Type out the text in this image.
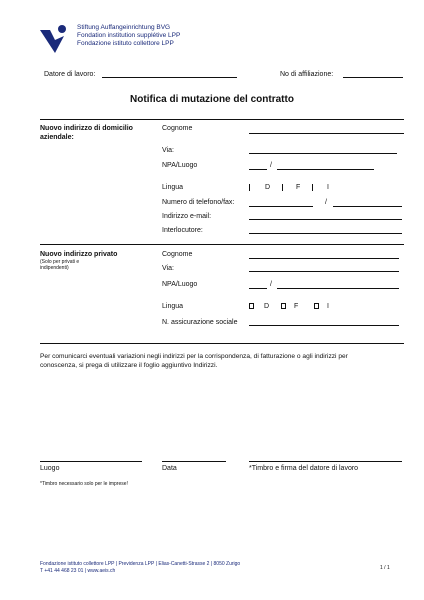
Stiftung Auffangeinrichtung BVG
Fondation institution supplétive LPP
Fondazione istituto collettore LPP
Datore di lavoro:	No di affiliazione:
Notifica di mutazione del contratto
Nuovo indirizzo di domicilio aziendale:
Cognome
Via:
NPA/Luogo	/
Lingua	D	F	I
Numero di telefono/fax:	/
Indirizzo e-mail:
Interlocutore:
Nuovo indirizzo privato
(Solo per privati e indipendenti)
Cognome
Via:
NPA/Luogo	/
Lingua	D	F	I
N. assicurazione sociale
Per comunicarci eventuali variazioni negli indirizzi per la corrispondenza, di fatturazione o agli indirizzi per conoscenza, si prega di utilizzare il foglio aggiuntivo Indirizzi.
Luogo	Data	*Timbro e firma del datore di lavoro
*Timbro necessario solo per le imprese!
Fondazione istituto collettore LPP | Previdenza LPP | Elias-Canetti-Strasse 2 | 8050 Zurigo
T +41 44 468 23 01 | www.aeis.ch	1 / 1
